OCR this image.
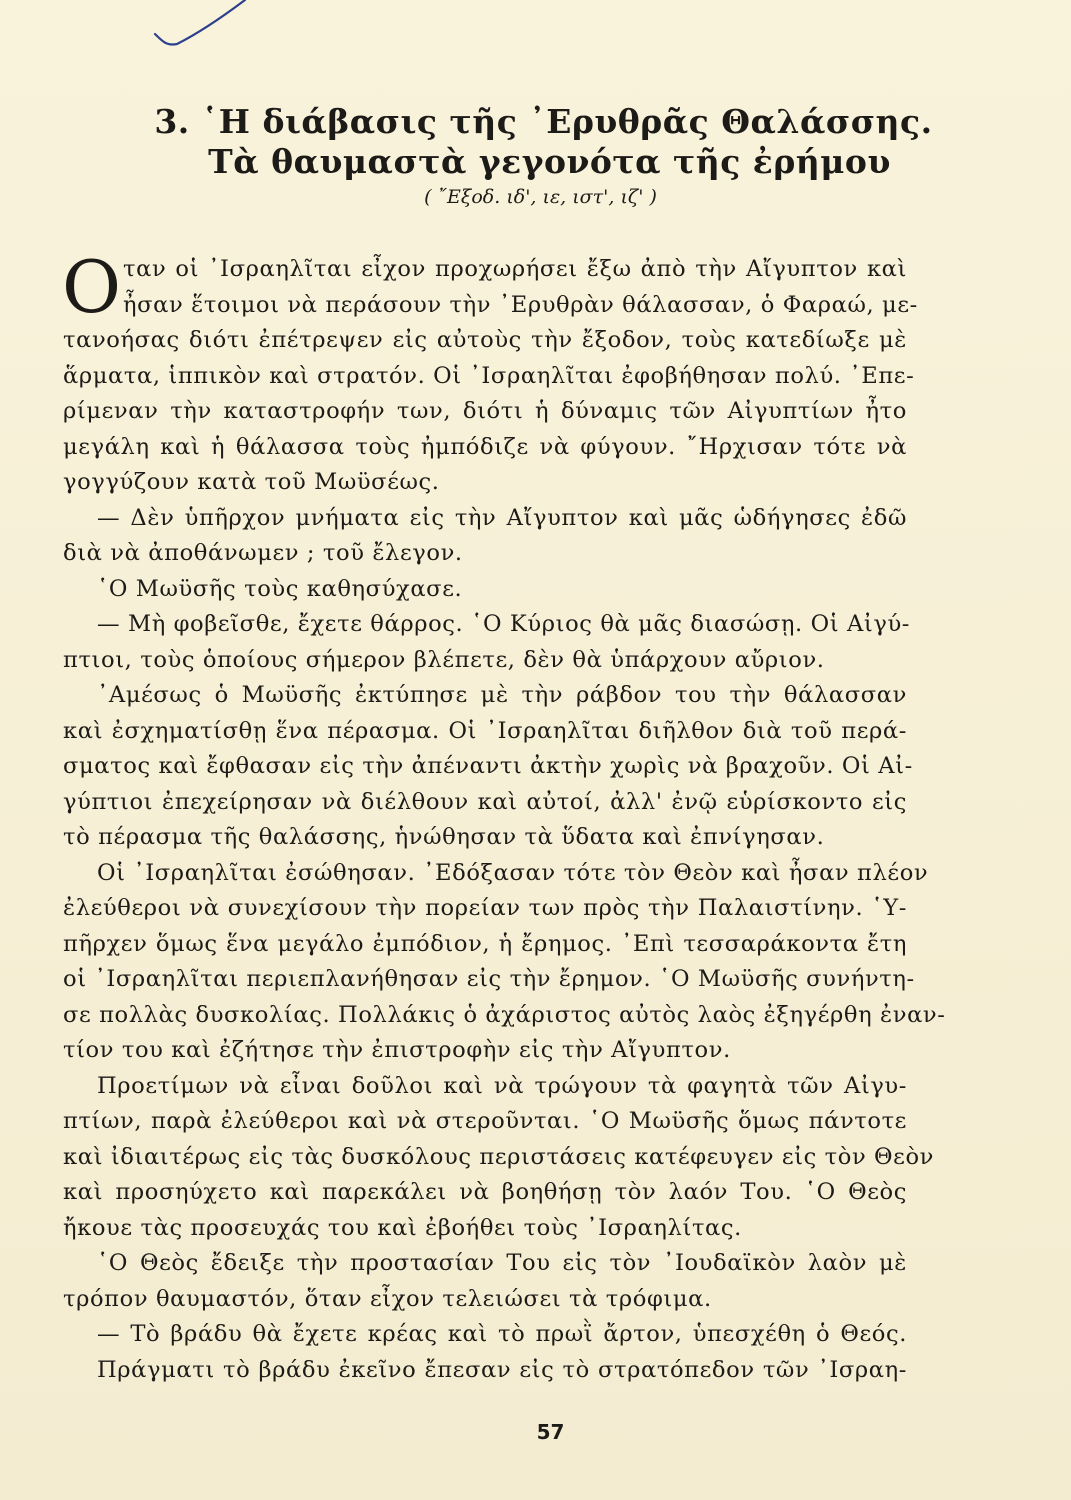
3. ῾Η διάβασις τῆς ᾿Ερυθρᾶς Θαλάσσης.
Τὰ θαυμαστὰ γεγονότα τῆς ἐρήμου
( ῎Εξοδ. ιδ', ιε, ιστ', ιζ' )
Ο ταν οἱ ᾿Ισραηλῖται εἶχον προχωρήσει ἔξω ἀπὸ τὴν Αἴγυπτον καὶ
ἦσαν ἕτοιμοι νὰ περάσουν τὴν ᾿Ερυθρὰν θάλασσαν, ὁ Φαραώ, με-
τανοήσας διότι ἐπέτρεψεν εἰς αὐτοὺς τὴν ἔξοδον, τοὺς κατεδίωξε μὲ
ἅρματα, ἱππικὸν καὶ στρατόν. Οἱ ᾿Ισραηλῖται ἐφοβήθησαν πολύ. ᾿Επε-
ρίμεναν τὴν καταστροφήν των, διότι ἡ δύναμις τῶν Αἰγυπτίων ἦτο
μεγάλη καὶ ἡ θάλασσα τοὺς ἠμπόδιζε νὰ φύγουν. ῎Ηρχισαν τότε νὰ
γογγύζουν κατὰ τοῦ Μωϋσέως.
— Δὲν ὑπῆρχον μνήματα εἰς τὴν Αἴγυπτον καὶ μᾶς ὡδήγησες ἐδῶ
διὰ νὰ ἀποθάνωμεν ; τοῦ ἔλεγον.
῾Ο Μωϋσῆς τοὺς καθησύχασε.
— Μὴ φοβεῖσθε, ἔχετε θάρρος. ῾Ο Κύριος θὰ μᾶς διασώσῃ. Οἱ Αἰγύ-
πτιοι, τοὺς ὁποίους σήμερον βλέπετε, δὲν θὰ ὑπάρχουν αὔριον.
᾿Αμέσως ὁ Μωϋσῆς ἐκτύπησε μὲ τὴν ράβδον του τὴν θάλασσαν
καὶ ἐσχηματίσθῃ ἕνα πέρασμα. Οἱ ᾿Ισραηλῖται διῆλθον διὰ τοῦ περά-
σματος καὶ ἔφθασαν εἰς τὴν ἀπέναντι ἀκτὴν χωρὶς νὰ βραχοῦν. Οἱ Αἰ-
γύπτιοι ἐπεχείρησαν νὰ διέλθουν καὶ αὐτοί, ἀλλ' ἐνῷ εὑρίσκοντο εἰς
τὸ πέρασμα τῆς θαλάσσης, ἡνώθησαν τὰ ὕδατα καὶ ἐπνίγησαν.
Οἱ ᾿Ισραηλῖται ἐσώθησαν. ᾿Εδόξασαν τότε τὸν Θεὸν καὶ ἦσαν πλέον
ἐλεύθεροι νὰ συνεχίσουν τὴν πορείαν των πρὸς τὴν Παλαιστίνην. ῾Υ-
πῆρχεν ὅμως ἕνα μεγάλο ἐμπόδιον, ἡ ἔρημος. ᾿Επὶ τεσσαράκοντα ἔτη
οἱ ᾿Ισραηλῖται περιεπλανήθησαν εἰς τὴν ἔρημον. ῾Ο Μωϋσῆς συνήντη-
σε πολλὰς δυσκολίας. Πολλάκις ὁ ἀχάριστος αὐτὸς λαὸς ἐξηγέρθη ἐναν-
τίον του καὶ ἐζήτησε τὴν ἐπιστροφὴν εἰς τὴν Αἴγυπτον.
Προετίμων νὰ εἶναι δοῦλοι καὶ νὰ τρώγουν τὰ φαγητὰ τῶν Αἰγυ-
πτίων, παρὰ ἐλεύθεροι καὶ νὰ στεροῦνται. ῾Ο Μωϋσῆς ὅμως πάντοτε
καὶ ἰδιαιτέρως εἰς τὰς δυσκόλους περιστάσεις κατέφευγεν εἰς τὸν Θεὸν
καὶ προσηύχετο καὶ παρεκάλει νὰ βοηθήσῃ τὸν λαόν Του. ῾Ο Θεὸς
ἤκουε τὰς προσευχάς του καὶ ἐβοήθει τοὺς ᾿Ισραηλίτας.
῾Ο Θεὸς ἔδειξε τὴν προστασίαν Του εἰς τὸν ᾿Ιουδαϊκὸν λαὸν μὲ
τρόπον θαυμαστόν, ὅταν εἶχον τελειώσει τὰ τρόφιμα.
— Τὸ βράδυ θὰ ἔχετε κρέας καὶ τὸ πρωῒ ἄρτον, ὑπεσχέθη ὁ Θεός.
Πράγματι τὸ βράδυ ἐκεῖνο ἔπεσαν εἰς τὸ στρατόπεδον τῶν ᾿Ισραη-
57
